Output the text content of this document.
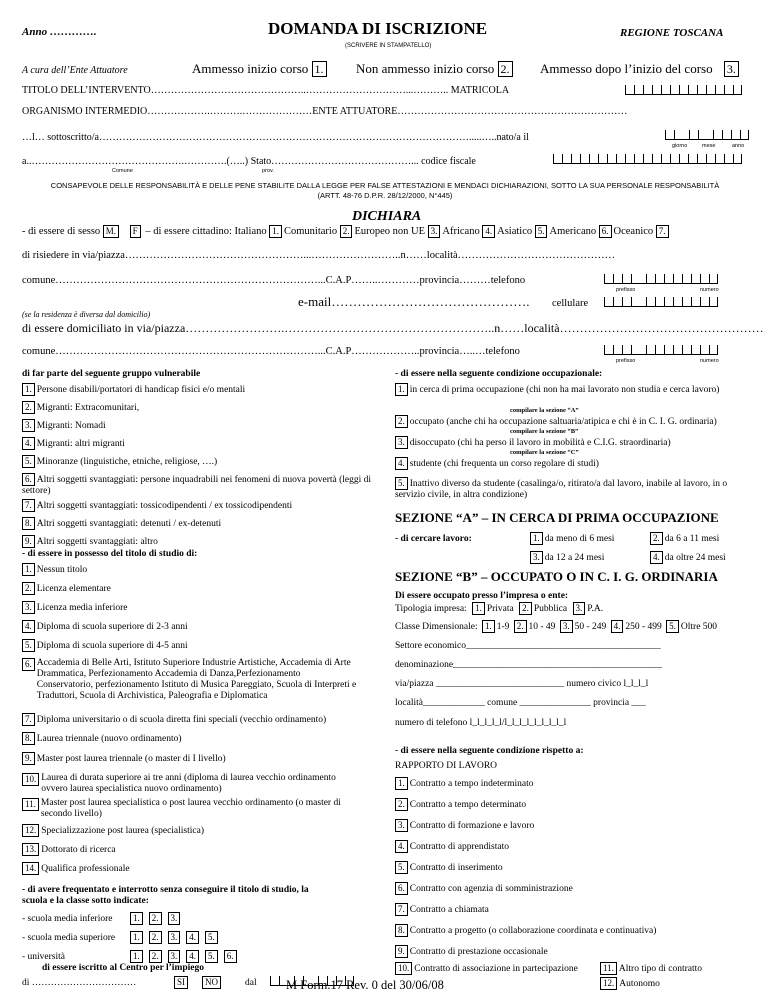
Anno ………….	DOMANDA DI ISCRIZIONE	REGIONE TOSCANA
(SCRIVERE IN STAMPATELLO)
A cura dell’Ente Attuatore	Ammesso inizio corso 1.	Non ammesso inizio corso 2.	Ammesso dopo l’inizio del corso 3.
TITOLO DELL’INTERVENTO………………………………………..…………………………...……….. MATRICOLA
ORGANISMO INTERMEDIO……………….……….…………………ENTE ATTUATORE……………………………………………………………
…l… sottoscritto/a………………………………………………………………………………………………….....…..nato/a il
giorno	mese	anno
a..……………………………………….………….(…..) Stato……………………………………... codice fiscale
Comune	prov.
CONSAPEVOLE DELLE RESPONSABILITÀ E DELLE PENE STABILITE DALLA LEGGE PER FALSE ATTESTAZIONI E MENDACI DICHIARAZIONI, SOTTO LA SUA PERSONALE RESPONSABILITÀ (ARTT. 48-76 D.P.R. 28/12/2000, N°445)
DICHIARA
- di essere di sesso M. F – di essere cittadino: Italiano 1. Comunitario 2. Europeo non UE 3. Africano 4. Asiatico 5. Americano 6. Oceanico 7.
di risiedere in via/piazza……………………………………………...……………………..n……località………………………………………
comune…………………………………………………………………...C.A.P……..…………provincia………telefono
prefisso	numero
e-mail………………………………………. cellulare
(se la residenza è diversa dal domicilio)
di essere domiciliato in via/piazza…………………….……………………………………………..n……località……………………………………………
comune…………………………………………………………………...C.A.P………………..provincia…..…telefono
prefisso	numero
di far parte del seguente gruppo vulnerabile
1. Persone disabili/portatori di handicap fisici e/o mentali
2. Migranti: Extracomunitari,
3. Migranti: Nomadi
4. Migranti: altri migranti
5. Minoranze (linguistiche, etniche, religiose, ….)
6. Altri soggetti svantaggiati: persone inquadrabili nei fenomeni di nuova povertà (leggi di settore)
7. Altri soggetti svantaggiati: tossicodipendenti / ex tossicodipendenti
8. Altri soggetti svantaggiati: detenuti / ex-detenuti
9. Altri soggetti svantaggiati: altro
- di essere in possesso del titolo di studio di:
1. Nessun titolo
2. Licenza elementare
3. Licenza media inferiore
4. Diploma di scuola superiore di 2-3 anni
5. Diploma di scuola superiore di 4-5 anni
6. Accademia di Belle Arti, Istituto Superiore Industrie Artistiche, Accademia di Arte Drammatica, Perfezionamento Accademia di Danza,Perfezionamento Conservatorio, perfezionamento Istituto di Musica Pareggiato, Scuola di Interpreti e Traduttori, Scuola di Archivistica, Paleografia e Diplomatica
7. Diploma universitario o di scuola diretta fini speciali (vecchio ordinamento)
8. Laurea triennale (nuovo ordinamento)
9. Master post laurea triennale (o master di I livello)
10. Laurea di durata superiore ai tre anni (diploma di laurea vecchio ordinamento ovvero laurea specialistica nuovo ordinamento)
11. Master post laurea specialistica o post laurea vecchio ordinamento (o master di secondo livello)
12. Specializzazione post laurea (specialistica)
13. Dottorato di ricerca
14. Qualifica professionale
- di avere frequentato e interrotto senza conseguire il titolo di studio, la scuola e la classe sotto indicate:
- scuola media inferiore 1. 2. 3.
- scuola media superiore 1. 2. 3. 4. 5.
- università	1. 2. 3. 4. 5. 6.
di essere iscritto al Centro per l’impiego
di ……………………………	SI	NO	dal
- di essere nella seguente condizione occupazionale:
1. in cerca di prima occupazione (chi non ha mai lavorato non studia e cerca lavoro)
compilare la sezione “A”
2. occupato (anche chi ha occupazione saltuaria/atipica e chi è in C. I. G. ordinaria)
compilare la sezione “B”
3. disoccupato (chi ha perso il lavoro in mobilità e C.I.G. straordinaria)
compilare la sezione “C”
4. studente (chi frequenta un corso regolare di studi)
5. Inattivo diverso da studente (casalinga/o, ritirato/a dal lavoro, inabile al lavoro, in o servizio civile, in altra condizione)
SEZIONE “A” – IN CERCA DI PRIMA OCCUPAZIONE
- di cercare lavoro:	1. da meno di 6 mesi	2. da 6 a 11 mesi
3. da 12 a 24 mesi	4. da oltre 24 mesi
SEZIONE “B” – OCCUPATO O IN C. I. G. ORDINARIA
Di essere occupato presso l’impresa o ente:
Tipologia impresa: 1. Privata 2. Pubblica 3. P.A.
Classe Dimensionale: 1. 1-9 2. 10 - 49 3. 50 - 249 4. 250 - 499 5. Oltre 500
Settore economico_________________________________________
denominazione____________________________________________
via/piazza ___________________________ numero civico l_l_l_l
località_____________ comune _______________ provincia ___
numero di telefono l_l_l_l_l/l_l_l_l_l_l_l_l_l
- di essere nella seguente condizione rispetto a:
RAPPORTO DI LAVORO
1. Contratto a tempo indeterminato
2. Contratto a tempo determinato
3. Contratto di formazione e lavoro
4. Contratto di apprendistato
5. Contratto di inserimento
6. Contratto con agenzia di somministrazione
7. Contratto a chiamata
8. Contratto a progetto (o collaborazione coordinata e continuativa)
9. Contratto di prestazione occasionale
10. Contratto di associazione in partecipazione	11. Altro tipo di contratto
12. Autonomo
M Form.17 Rev. 0 del 30/06/08
